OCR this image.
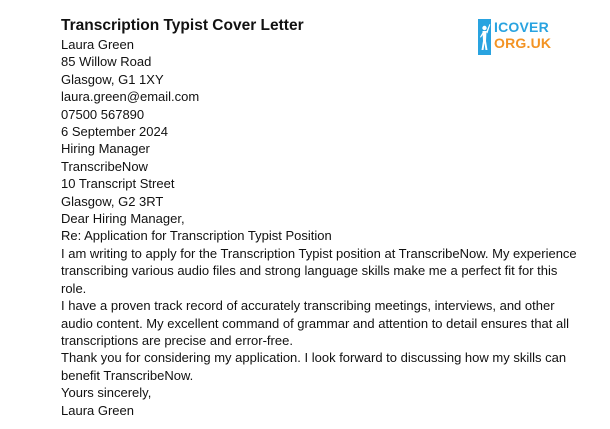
Transcription Typist Cover Letter
Laura Green
85 Willow Road
Glasgow, G1 1XY
laura.green@email.com
07500 567890
6 September 2024
Hiring Manager
TranscribeNow
10 Transcript Street
Glasgow, G2 3RT
Dear Hiring Manager,
Re: Application for Transcription Typist Position
I am writing to apply for the Transcription Typist position at TranscribeNow. My experience transcribing various audio files and strong language skills make me a perfect fit for this role.
I have a proven track record of accurately transcribing meetings, interviews, and other audio content. My excellent command of grammar and attention to detail ensures that all transcriptions are precise and error-free.
Thank you for considering my application. I look forward to discussing how my skills can benefit TranscribeNow.
Yours sincerely,
Laura Green
ICOVER
ORG.UK
